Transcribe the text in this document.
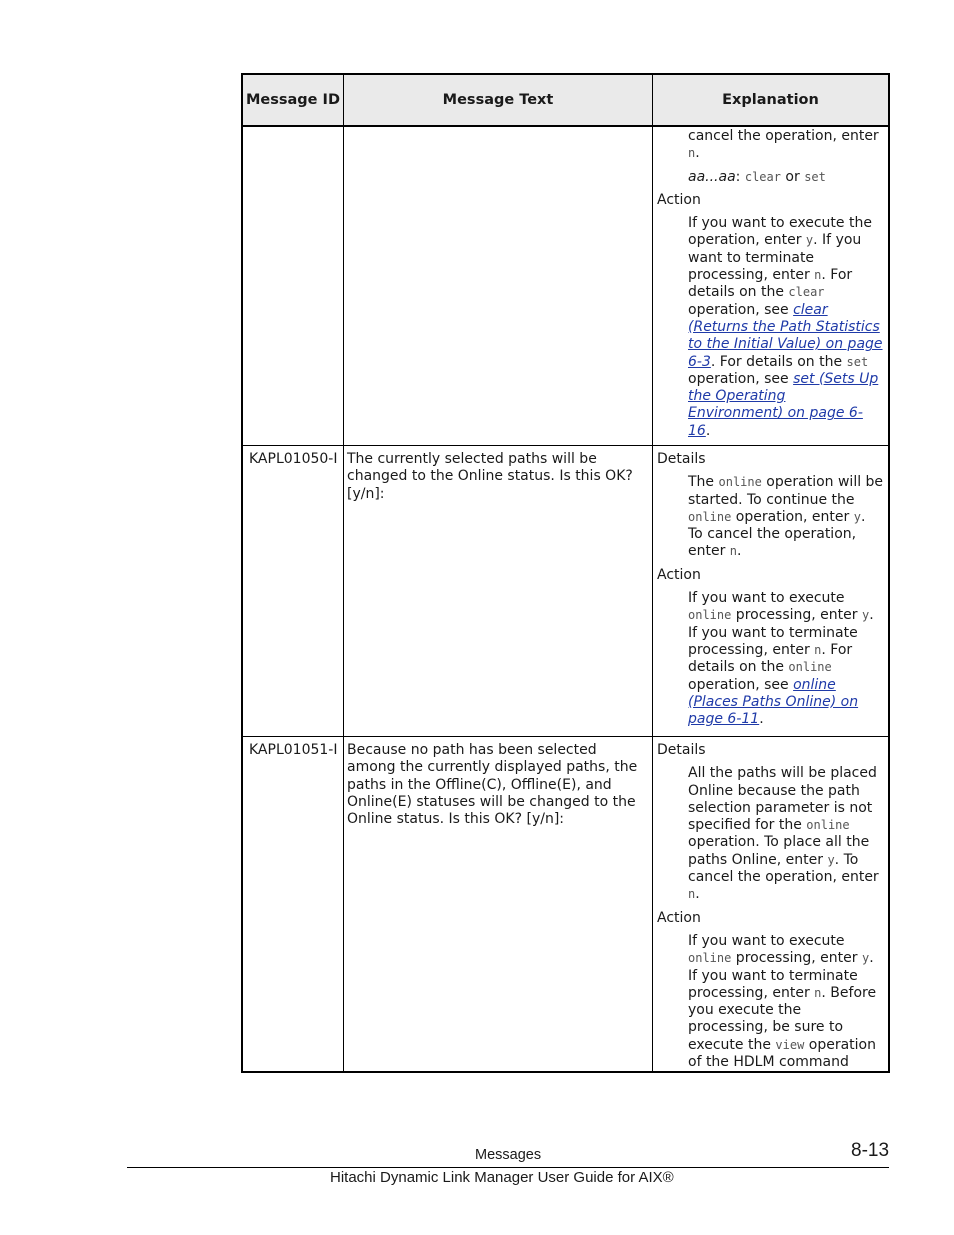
Message ID	Message Text	Explanation

cancel the operation, enter
n.

aa...aa: clear or set

Action

If you want to execute the operation, enter y. If you want to terminate processing, enter n. For details on the clear operation, see clear (Returns the Path Statistics to the Initial Value) on page 6-3. For details on the set operation, see set (Sets Up the Operating Environment) on page 6-16.

KAPL01050-I The currently selected paths will be changed to the Online status. Is this OK? [y/n]:

Details

The online operation will be started. To continue the online operation, enter y. To cancel the operation, enter n.

Action

If you want to execute online processing, enter y. If you want to terminate processing, enter n. For details on the online operation, see online (Places Paths Online) on page 6-11.

KAPL01051-I Because no path has been selected among the currently displayed paths, the paths in the Offline(C), Offline(E), and Online(E) statuses will be changed to the Online status. Is this OK? [y/n]:

Details

All the paths will be placed Online because the path selection parameter is not specified for the online operation. To place all the paths Online, enter y. To cancel the operation, enter n.

Action

If you want to execute online processing, enter y. If you want to terminate processing, enter n. Before you execute the processing, be sure to execute the view operation of the HDLM command

Messages	8-13
Hitachi Dynamic Link Manager User Guide for AIX®
